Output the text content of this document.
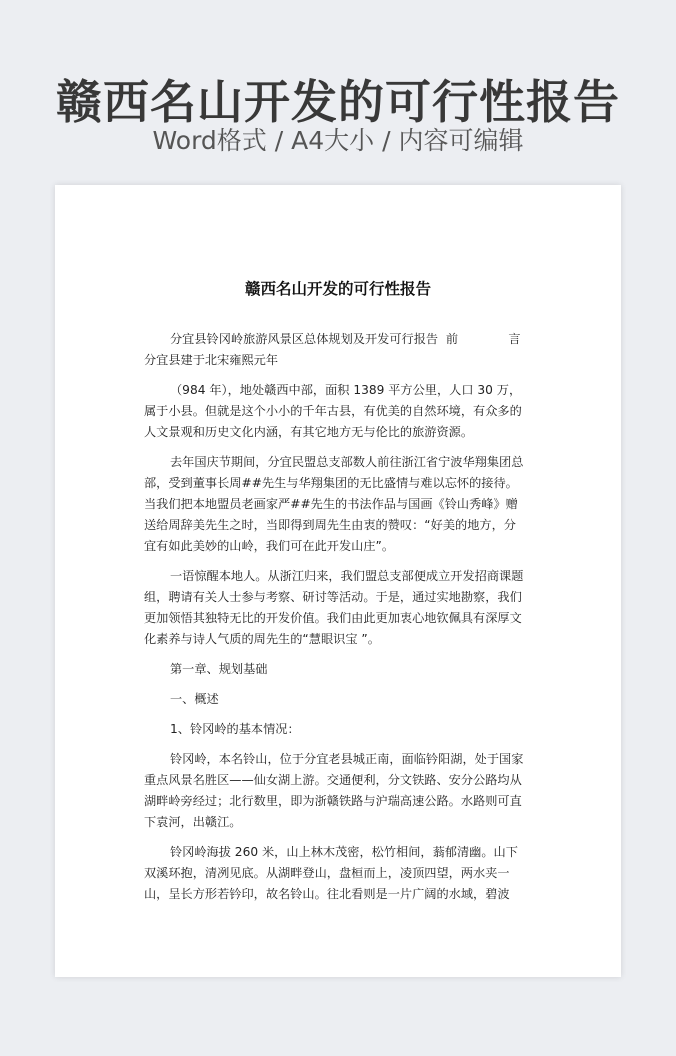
赣西名山开发的可行性报告
Word格式 / A4大小 / 内容可编辑
赣西名山开发的可行性报告

分宜县铃冈岭旅游风景区总体规划及开发可行报告  前             言

分宜县建于北宋雍熙元年

（984 年），地处赣西中部，面积 1389 平方公里，人口 30 万，属于小县。但就是这个小小的千年古县，有优美的自然环境，有众多的人文景观和历史文化内涵，有其它地方无与伦比的旅游资源。

去年国庆节期间，分宜民盟总支部数人前往浙江省宁波华翔集团总部，受到董事长周##先生与华翔集团的无比盛情与难以忘怀的接待。当我们把本地盟员老画家严##先生的书法作品与国画《铃山秀峰》赠送给周辞美先生之时，当即得到周先生由衷的赞叹：“好美的地方，分宜有如此美妙的山岭，我们可在此开发山庄”。

一语惊醒本地人。从浙江归来，我们盟总支部便成立开发招商课题组，聘请有关人士参与考察、研讨等活动。于是，通过实地勘察，我们更加领悟其独特无比的开发价值。我们由此更加衷心地钦佩具有深厚文化素养与诗人气质的周先生的“慧眼识宝 ”。

第一章、规划基础
一、概述
1、铃冈岭的基本情况：

铃冈岭，本名铃山，位于分宜老县城正南，面临钤阳湖，处于国家重点风景名胜区——仙女湖上游。交通便利，分文铁路、安分公路均从湖畔岭旁经过；北行数里，即为浙赣铁路与沪瑞高速公路。水路则可直下袁河，出赣江。

铃冈岭海拔 260 米，山上林木茂密，松竹相间，蓊郁清幽。山下双溪环抱，清冽见底。从湖畔登山，盘桓而上，凌顶四望，两水夹一山，呈长方形若钤印，故名铃山。往北看则是一片广阔的水域，碧波
